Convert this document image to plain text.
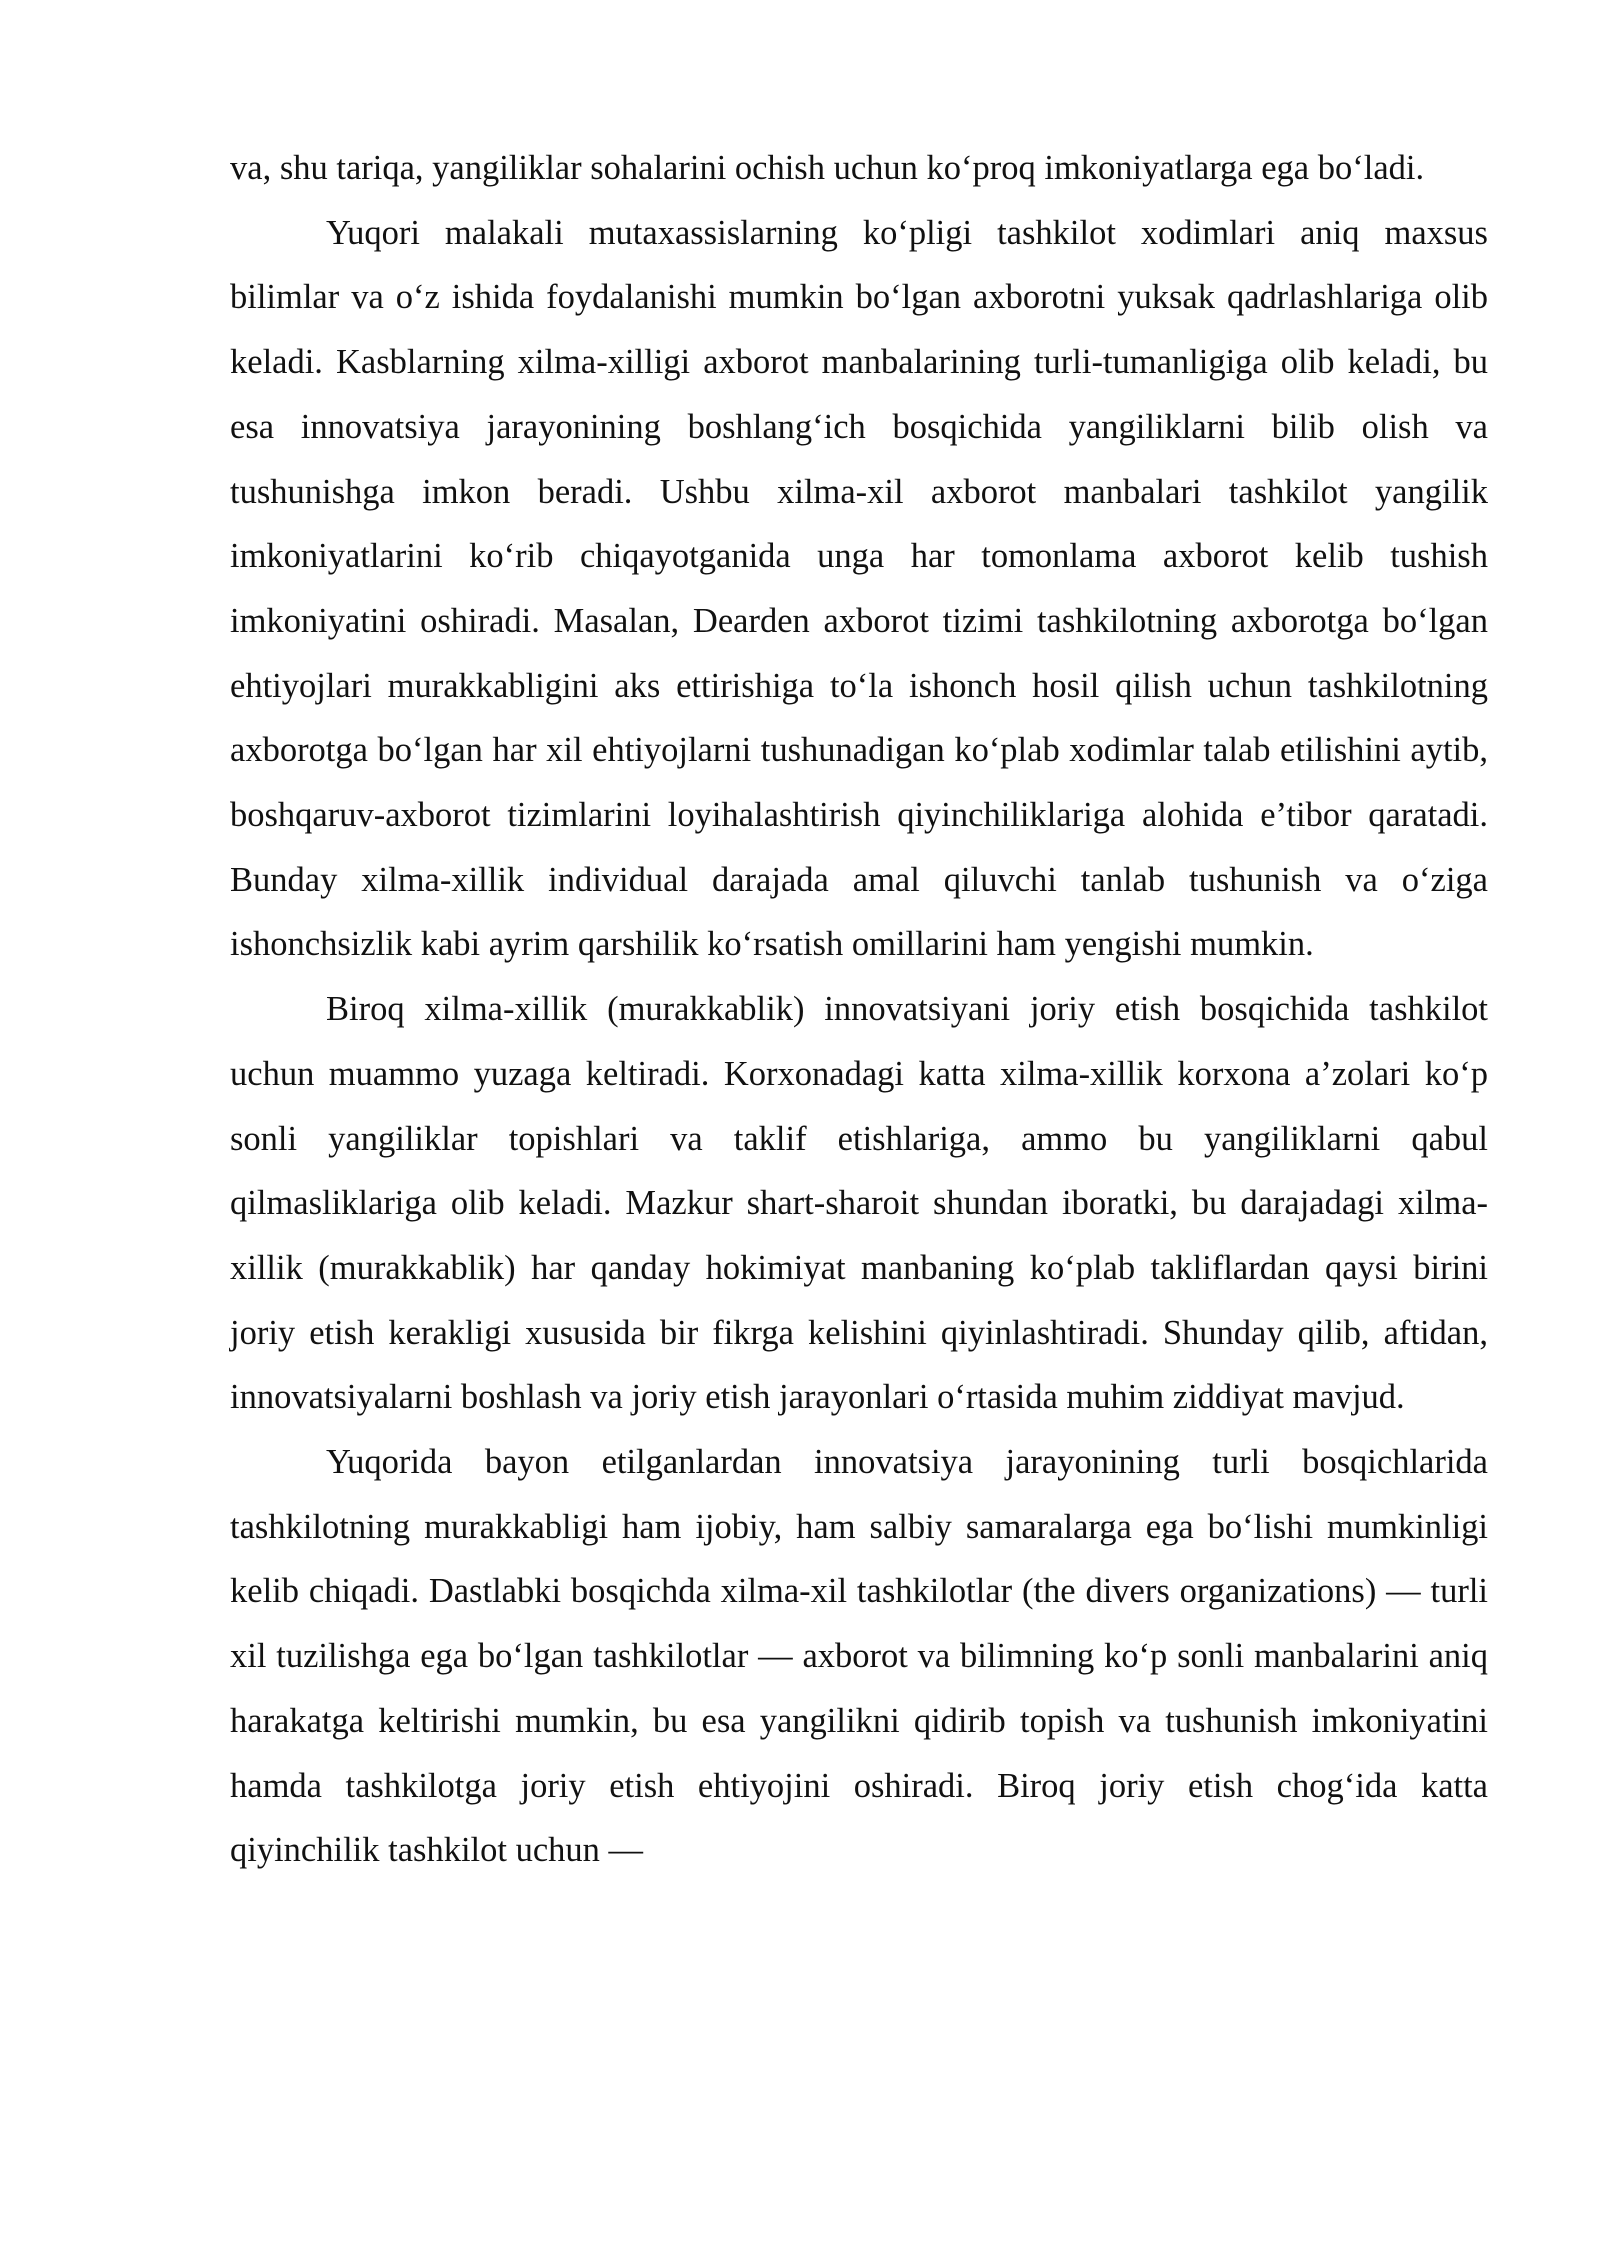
va, shu tariqa, yangiliklar sohalarini ochish uchun ko‘proq imkoniyatlarga ega bo‘ladi.

Yuqori malakali mutaxassislarning ko‘pligi tashkilot xodimlari aniq maxsus bilimlar va o‘z ishida foydalanishi mumkin bo‘lgan axborotni yuksak qadrlashlariga olib keladi. Kasblarning xilma-xilligi axborot manbalarining turli-tumanligiga olib keladi, bu esa innovatsiya jarayonining boshlang‘ich bosqichida yangiliklarni bilib olish va tushunishga imkon beradi. Ushbu xilma-xil axborot manbalari tashkilot yangilik imkoniyatlarini ko‘rib chiqayotganida unga har tomonlama axborot kelib tushish imkoniyatini oshiradi. Masalan, Dearden axborot tizimi tashkilotning axborotga bo‘lgan ehtiyojlari murakkabligini aks ettirishiga to‘la ishonch hosil qilish uchun tashkilotning axborotga bo‘lgan har xil ehtiyojlarni tushunadigan ko‘plab xodimlar talab etilishini aytib, boshqaruv-axborot tizimlarini loyihalashtirish qiyinchiliklariga alohida e’tibor qaratadi. Bunday xilma-xillik individual darajada amal qiluvchi tanlab tushunish va o‘ziga ishonchsizlik kabi ayrim qarshilik ko‘rsatish omillarini ham yengishi mumkin.

Biroq xilma-xillik (murakkablik) innovatsiyani joriy etish bosqichida tashkilot uchun muammo yuzaga keltiradi. Korxonadagi katta xilma-xillik korxona a’zolari ko‘p sonli yangiliklar topishlari va taklif etishlariga, ammo bu yangiliklarni qabul qilmasliklariga olib keladi. Mazkur shart-sharoit shundan iboratki, bu darajadagi xilma-xillik (murakkablik) har qanday hokimiyat manbaning ko‘plab takliflardan qaysi birini joriy etish kerakligi xususida bir fikrga kelishini qiyinlashtiradi. Shunday qilib, aftidan, innovatsiyalarni boshlash va joriy etish jarayonlari o‘rtasida muhim ziddiyat mavjud.

Yuqorida bayon etilganlardan innovatsiya jarayonining turli bosqichlarida tashkilotning murakkabligi ham ijobiy, ham salbiy samaralarga ega bo‘lishi mumkinligi kelib chiqadi. Dastlabki bosqichda xilma-xil tashkilotlar (the divers organizations) — turli xil tuzilishga ega bo‘lgan tashkilotlar — axborot va bilimning ko‘p sonli manbalarini aniq harakatga keltirishi mumkin, bu esa yangilikni qidirib topish va tushunish imkoniyatini hamda tashkilotga joriy etish ehtiyojini oshiradi. Biroq joriy etish chog‘ida katta qiyinchilik tashkilot uchun —
